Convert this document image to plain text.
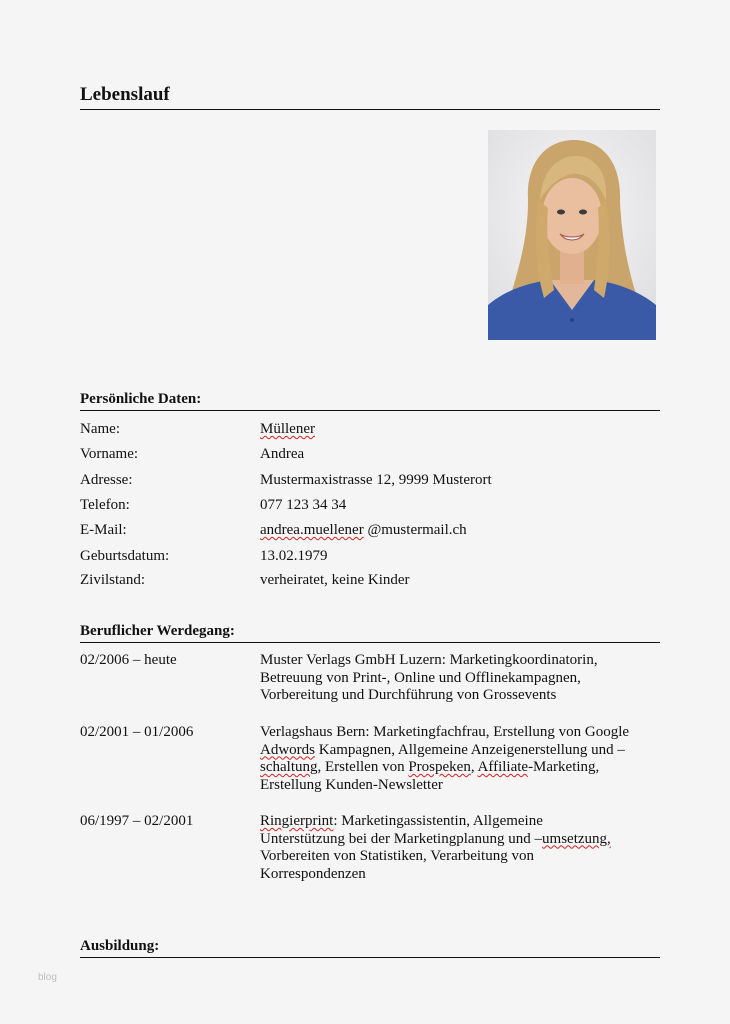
Lebenslauf
Persönliche Daten:
Name:	Müllener
Vorname:	Andrea
Adresse:	Mustermaxistrasse 12, 9999 Musterort
Telefon:	077 123 34 34
E-Mail:	andrea.muellener @mustermail.ch
Geburtsdatum:	13.02.1979
Zivilstand:	verheiratet, keine Kinder
Beruflicher Werdegang:
02/2006 – heute	Muster Verlags GmbH Luzern: Marketingkoordinatorin,
Betreuung von Print-, Online und Offlinekampagnen,
Vorbereitung und Durchführung von Grossevents
02/2001 – 01/2006	Verlagshaus Bern: Marketingfachfrau, Erstellung von Google
Adwords Kampagnen, Allgemeine Anzeigenerstellung und –
schaltung, Erstellen von Prospeken, Affiliate-Marketing,
Erstellung Kunden-Newsletter
06/1997 – 02/2001	Ringierprint: Marketingassistentin, Allgemeine
Unterstützung bei der Marketingplanung und –umsetzung,
Vorbereiten von Statistiken, Verarbeitung von
Korrespondenzen
Ausbildung:
blog
